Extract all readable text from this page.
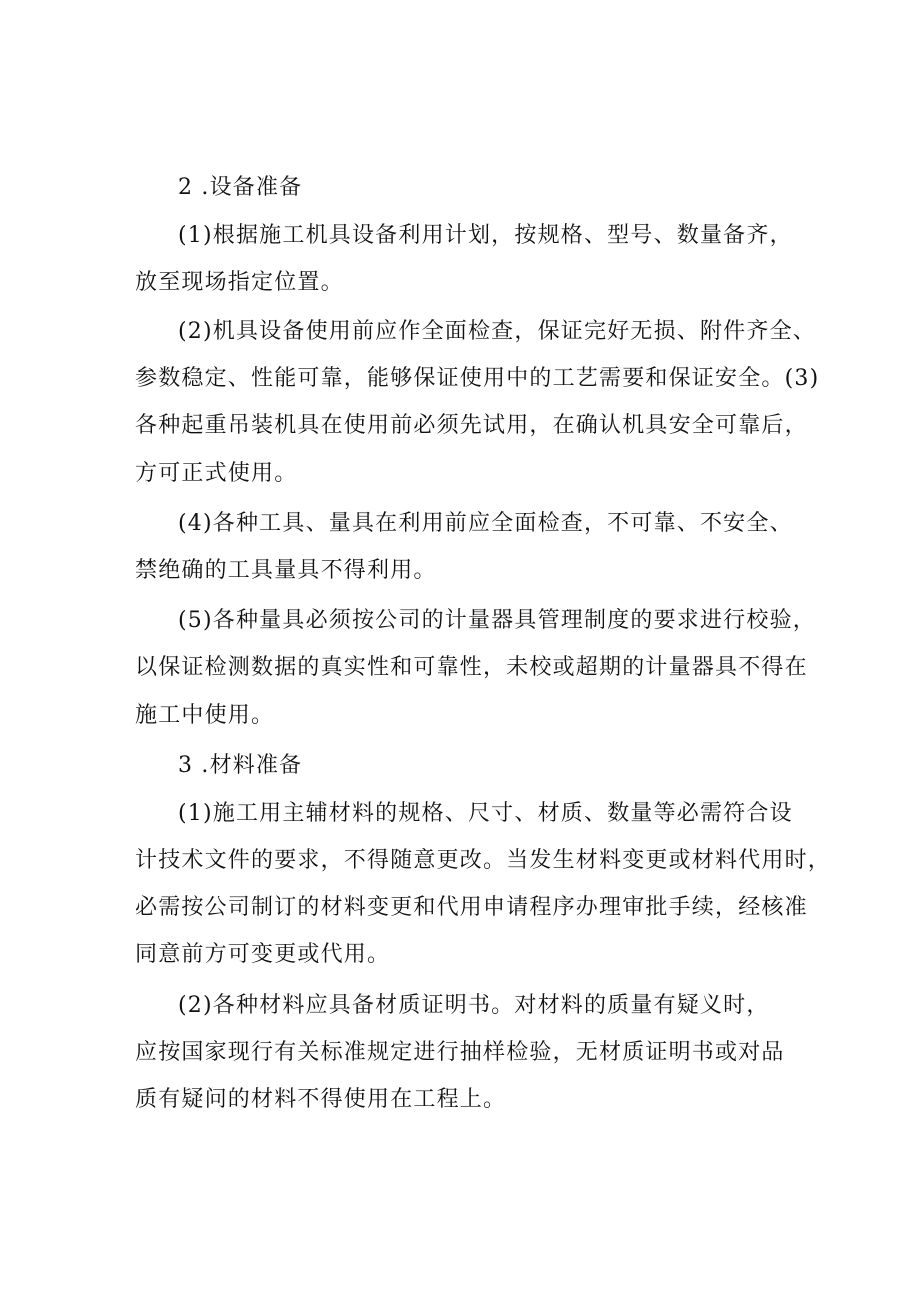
2 .设备准备
(1)根据施工机具设备利用计划，按规格、型号、数量备齐，
放至现场指定位置。
(2)机具设备使用前应作全面检查，保证完好无损、附件齐全、
参数稳定、性能可靠，能够保证使用中的工艺需要和保证安全。(3)
各种起重吊装机具在使用前必须先试用，在确认机具安全可靠后，
方可正式使用。
(4)各种工具、量具在利用前应全面检查，不可靠、不安全、
禁绝确的工具量具不得利用。
(5)各种量具必须按公司的计量器具管理制度的要求进行校验，
以保证检测数据的真实性和可靠性，未校或超期的计量器具不得在
施工中使用。
3 .材料准备
(1)施工用主辅材料的规格、尺寸、材质、数量等必需符合设
计技术文件的要求，不得随意更改。当发生材料变更或材料代用时，
必需按公司制订的材料变更和代用申请程序办理审批手续，经核准
同意前方可变更或代用。
(2)各种材料应具备材质证明书。对材料的质量有疑义时，
应按国家现行有关标准规定进行抽样检验，无材质证明书或对品
质有疑问的材料不得使用在工程上。
